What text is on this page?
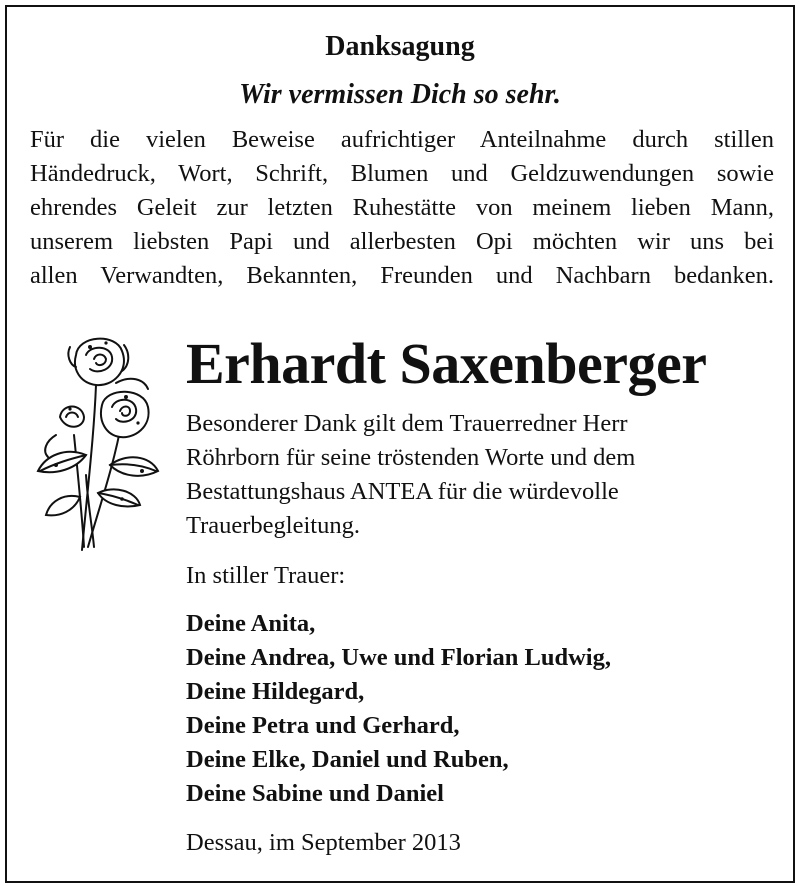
Danksagung
Wir vermissen Dich so sehr.
Für die vielen Beweise aufrichtiger Anteilnahme durch stillen
Händedruck, Wort, Schrift, Blumen und Geldzuwendungen sowie
ehrendes Geleit zur letzten Ruhestätte von meinem lieben Mann,
unserem liebsten Papi und allerbesten Opi möchten wir uns bei
allen Verwandten, Bekannten, Freunden und Nachbarn bedanken.
Erhardt Saxenberger
Besonderer Dank gilt dem Trauerredner Herr
Röhrborn für seine tröstenden Worte und dem
Bestattungshaus ANTEA für die würdevolle
Trauerbegleitung.
In stiller Trauer:
Deine Anita,
Deine Andrea, Uwe und Florian Ludwig,
Deine Hildegard,
Deine Petra und Gerhard,
Deine Elke, Daniel und Ruben,
Deine Sabine und Daniel
Dessau, im September 2013
